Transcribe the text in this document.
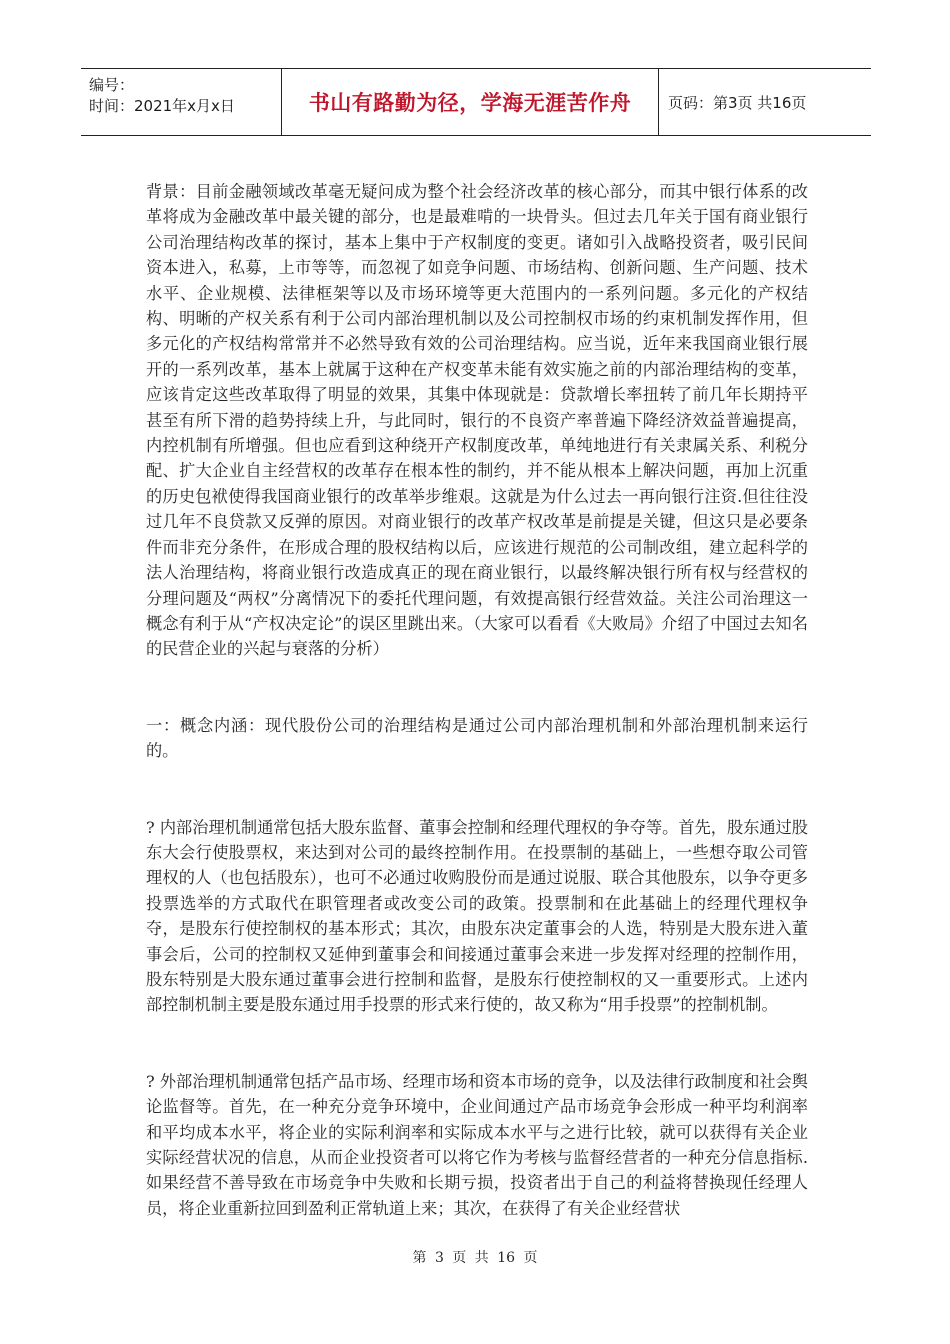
编号：
时间：2021年x月x日	书山有路勤为径，学海无涯苦作舟 页码：第3页 共16页

背景：目前金融领域改革毫无疑问成为整个社会经济改革的核心部分，而其中银行体系的改革将成为金融改革中最关键的部分，也是最难啃的一块骨头。但过去几年关于国有商业银行公司治理结构改革的探讨，基本上集中于产权制度的变更。诸如引入战略投资者，吸引民间资本进入，私募，上市等等，而忽视了如竞争问题、市场结构、创新问题、生产问题、技术水平、企业规模、法律框架等以及市场环境等更大范围内的一系列问题。多元化的产权结构、明晰的产权关系有利于公司内部治理机制以及公司控制权市场的约束机制发挥作用，但多元化的产权结构常常并不必然导致有效的公司治理结构。应当说，近年来我国商业银行展开的一系列改革，基本上就属于这种在产权变革未能有效实施之前的内部治理结构的变革，应该肯定这些改革取得了明显的效果，其集中体现就是：贷款增长率扭转了前几年长期持平甚至有所下滑的趋势持续上升，与此同时，银行的不良资产率普遍下降经济效益普遍提高，内控机制有所增强。但也应看到这种绕开产权制度改革，单纯地进行有关隶属关系、利税分配、扩大企业自主经营权的改革存在根本性的制约，并不能从根本上解决问题，再加上沉重的历史包袱使得我国商业银行的改革举步维艰。这就是为什么过去一再向银行注资.但往往没过几年不良贷款又反弹的原因。对商业银行的改革产权改革是前提是关键，但这只是必要条件而非充分条件，在形成合理的股权结构以后，应该进行规范的公司制改组，建立起科学的法人治理结构，将商业银行改造成真正的现在商业银行，以最终解决银行所有权与经营权的分理问题及“两权”分离情况下的委托代理问题，有效提高银行经营效益。关注公司治理这一概念有利于从“产权决定论”的误区里跳出来。（大家可以看看《大败局》介绍了中国过去知名的民营企业的兴起与衰落的分析）

一：概念内涵：现代股份公司的治理结构是通过公司内部治理机制和外部治理机制来运行的。

? 内部治理机制通常包括大股东监督、董事会控制和经理代理权的争夺等。首先，股东通过股东大会行使股票权，来达到对公司的最终控制作用。在投票制的基础上，一些想夺取公司管理权的人（也包括股东），也可不必通过收购股份而是通过说服、联合其他股东，以争夺更多投票选举的方式取代在职管理者或改变公司的政策。投票制和在此基础上的经理代理权争夺，是股东行使控制权的基本形式；其次，由股东决定董事会的人选，特别是大股东进入董事会后，公司的控制权又延伸到董事会和间接通过董事会来进一步发挥对经理的控制作用，股东特别是大股东通过董事会进行控制和监督，是股东行使控制权的又一重要形式。上述内部控制机制主要是股东通过用手投票的形式来行使的，故又称为“用手投票”的控制机制。

? 外部治理机制通常包括产品市场、经理市场和资本市场的竞争，以及法律行政制度和社会舆论监督等。首先，在一种充分竞争环境中，企业间通过产品市场竞争会形成一种平均利润率和平均成本水平，将企业的实际利润率和实际成本水平与之进行比较，就可以获得有关企业实际经营状况的信息，从而企业投资者可以将它作为考核与监督经营者的一种充分信息指标.如果经营不善导致在市场竞争中失败和长期亏损，投资者出于自己的利益将替换现任经理人员，将企业重新拉回到盈利正常轨道上来；其次，在获得了有关企业经营状

第 3 页 共 16 页
